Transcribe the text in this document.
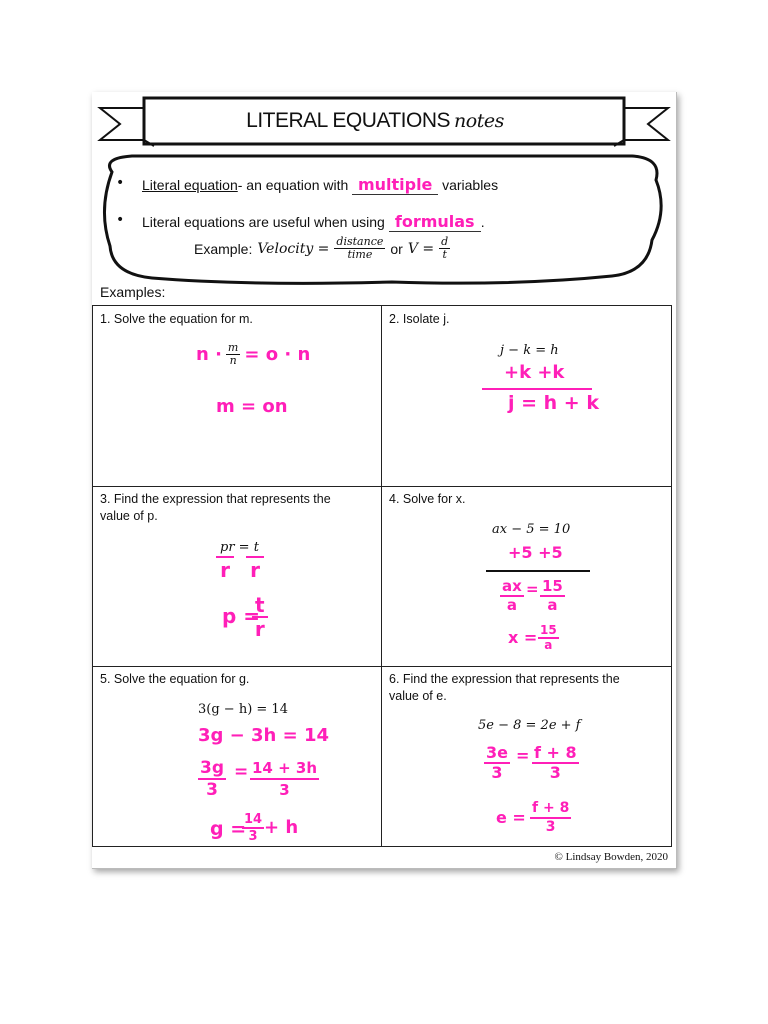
LITERAL EQUATIONS notes
• Literal equation- an equation with multiple variables
• Literal equations are useful when using formulas .
Example: Velocity = $\frac{\text{distance}}{\text{time}}$ or $V = \frac{d}{t}$
Examples:
1. Solve the equation for m.
$n \cdot \frac{m}{n} = o \cdot n$
m = on
2. Isolate j.
j − k = h
+k +k
j = h + k
3. Find the expression that represents the
value of p.
pr = t
r r
p =
$\frac{t}{r}$
4. Solve for x.
ax − 5 = 10
+5 +5
$\frac{ax}{a} = \frac{15}{a}$
$x = \frac{15}{a}$
5. Solve the equation for g.
3(g − h) = 14
3g − 3h = 14
$\frac{3g}{3} = \frac{14 + 3h}{3}$
g =
$\frac{14}{3} + h$
6. Find the expression that represents the
value of e.
5e − 8 = 2e + f
$\frac{3e}{3} = \frac{f + 8}{3}$
$e = \frac{f + 8}{3}$
© Lindsay Bowden, 2020
